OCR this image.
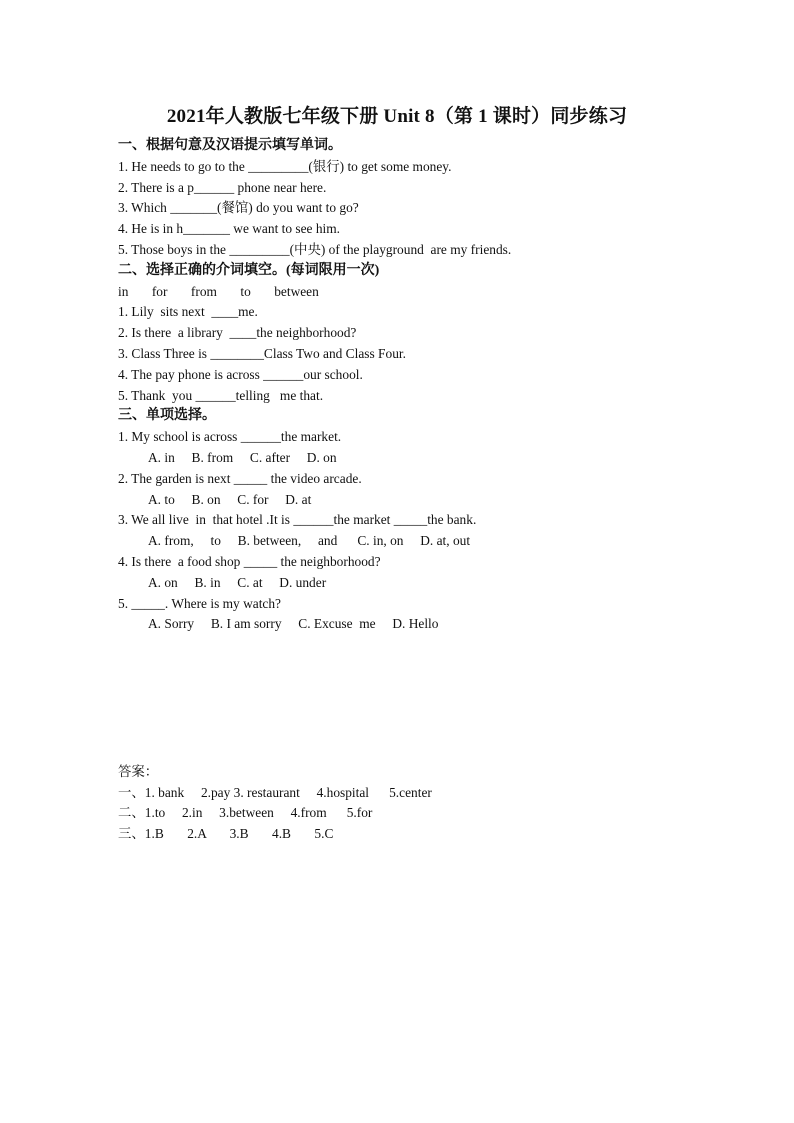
2021年人教版七年级下册 Unit 8（第 1 课时）同步练习
一、根据句意及汉语提示填写单词。
1. He needs to go to the _________(银行) to get some money.
2. There is a p______ phone near here.
3. Which _______(餐馆) do you want to go?
4. He is in h_______ we want to see him.
5. Those boys in the _________(中央) of the playground  are my friends.
二、选择正确的介词填空。(每词限用一次)
in       for       from       to       between
1. Lily  sits next  ____me.
2. Is there  a library  ____the neighborhood?
3. Class Three is ________Class Two and Class Four.
4. The pay phone is across ______our school.
5. Thank  you ______telling   me that.
三、单项选择。
1. My school is across ______the market.
A. in     B. from     C. after     D. on
2. The garden is next _____ the video arcade.
A. to     B. on     C. for     D. at
3. We all live  in  that hotel .It is ______the market _____the bank.
A. from,     to     B. between,     and      C. in, on     D. at, out
4. Is there  a food shop _____ the neighborhood?
A. on     B. in     C. at     D. under
5. _____. Where is my watch?
A. Sorry     B. I am sorry     C. Excuse  me     D. Hello
答案：
一、1. bank     2.pay 3. restaurant     4.hospital      5.center
二、1.to     2.in     3.between     4.from      5.for
三、1.B       2.A       3.B       4.B       5.C
